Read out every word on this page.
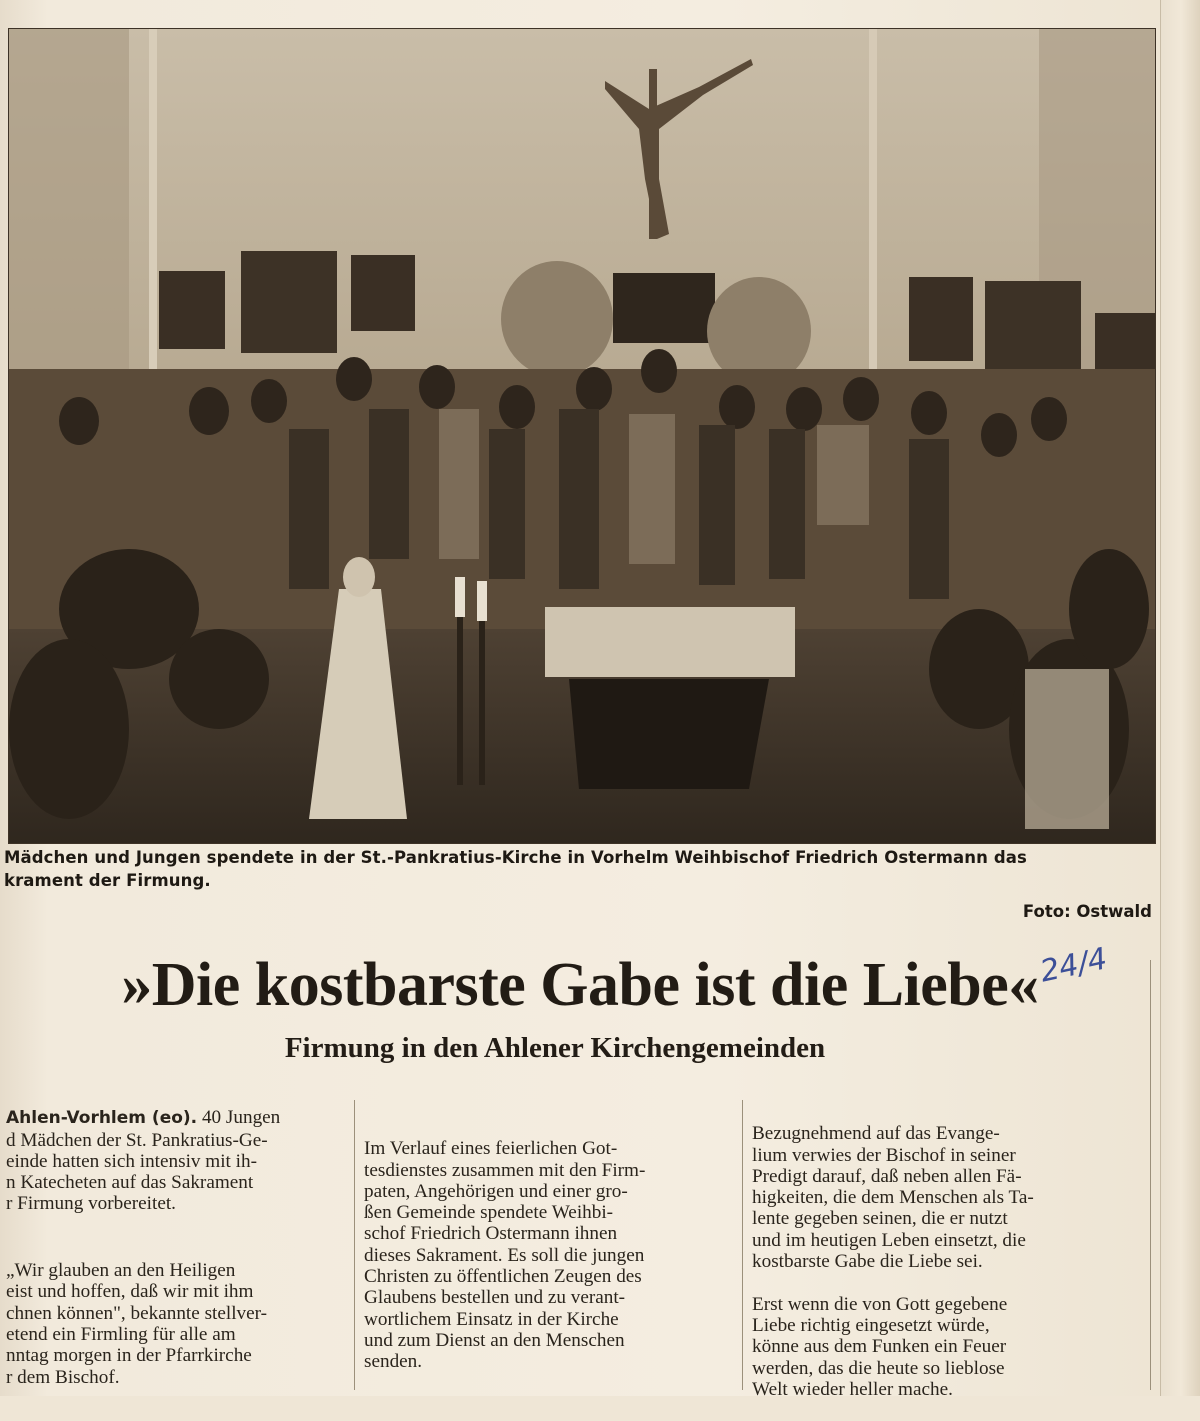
Mädchen und Jungen spendete in der St.-Pankratius-Kirche in Vorhelm Weihbischof Friedrich Ostermann das
krament der Firmung.
Foto: Ostwald
»Die kostbarste Gabe ist die Liebe«
24/4
Firmung in den Ahlener Kirchengemeinden

Ahlen-Vorhlem (eo). 40 Jungen
d Mädchen der St. Pankratius-Ge-
einde hatten sich intensiv mit ih-
n Katecheten auf das Sakrament
r Firmung vorbereitet.

„Wir glauben an den Heiligen
eist und hoffen, daß wir mit ihm
chnen können", bekannte stellver-
etend ein Firmling für alle am
nntag morgen in der Pfarrkirche
r dem Bischof.

Im Verlauf eines feierlichen Got-
tesdienstes zusammen mit den Firm-
paten, Angehörigen und einer gro-
ßen Gemeinde spendete Weihbi-
schof Friedrich Ostermann ihnen
dieses Sakrament. Es soll die jungen
Christen zu öffentlichen Zeugen des
Glaubens bestellen und zu verant-
wortlichem Einsatz in der Kirche
und zum Dienst an den Menschen
senden.

Bezugnehmend auf das Evange-
lium verwies der Bischof in seiner
Predigt darauf, daß neben allen Fä-
higkeiten, die dem Menschen als Ta-
lente gegeben seinen, die er nutzt
und im heutigen Leben einsetzt, die
kostbarste Gabe die Liebe sei.

Erst wenn die von Gott gegebene
Liebe richtig eingesetzt würde,
könne aus dem Funken ein Feuer
werden, das die heute so lieblose
Welt wieder heller mache.
